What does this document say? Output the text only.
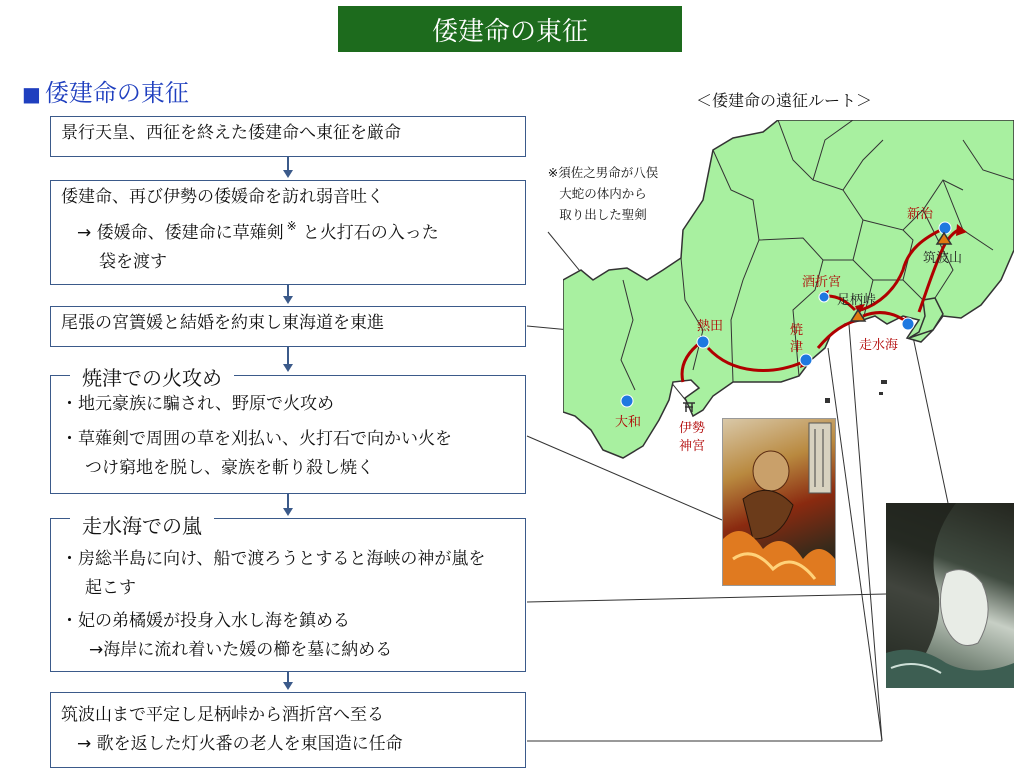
倭建命の東征
■ 倭建命の東征
景行天皇、西征を終えた倭建命へ東征を厳命
倭建命、再び伊勢の倭媛命を訪れ弱音吐く
→ 倭媛命、倭建命に草薙剣 ※ と火打石の入った
袋を渡す
尾張の宮簀媛と結婚を約束し東海道を東進
・地元豪族に騙され、野原で火攻め
・草薙剣で周囲の草を刈払い、火打石で向かい火を
つけ窮地を脱し、豪族を斬り殺し焼く
焼津での火攻め
・房総半島に向け、船で渡ろうとすると海峡の神が嵐を
起こす
・妃の弟橘媛が投身入水し海を鎮める
→海岸に流れ着いた媛の櫛を墓に納める
走水海での嵐
筑波山まで平定し足柄峠から酒折宮へ至る
→ 歌を返した灯火番の老人を東国造に任命
＜倭建命の遠征ルート＞
※須佐之男命が八俣
大蛇の体内から
取り出した聖剣
大和	伊勢
神宮
熱田	焼
津
酒折宮
足柄峠
走水海
新治
筑波山
